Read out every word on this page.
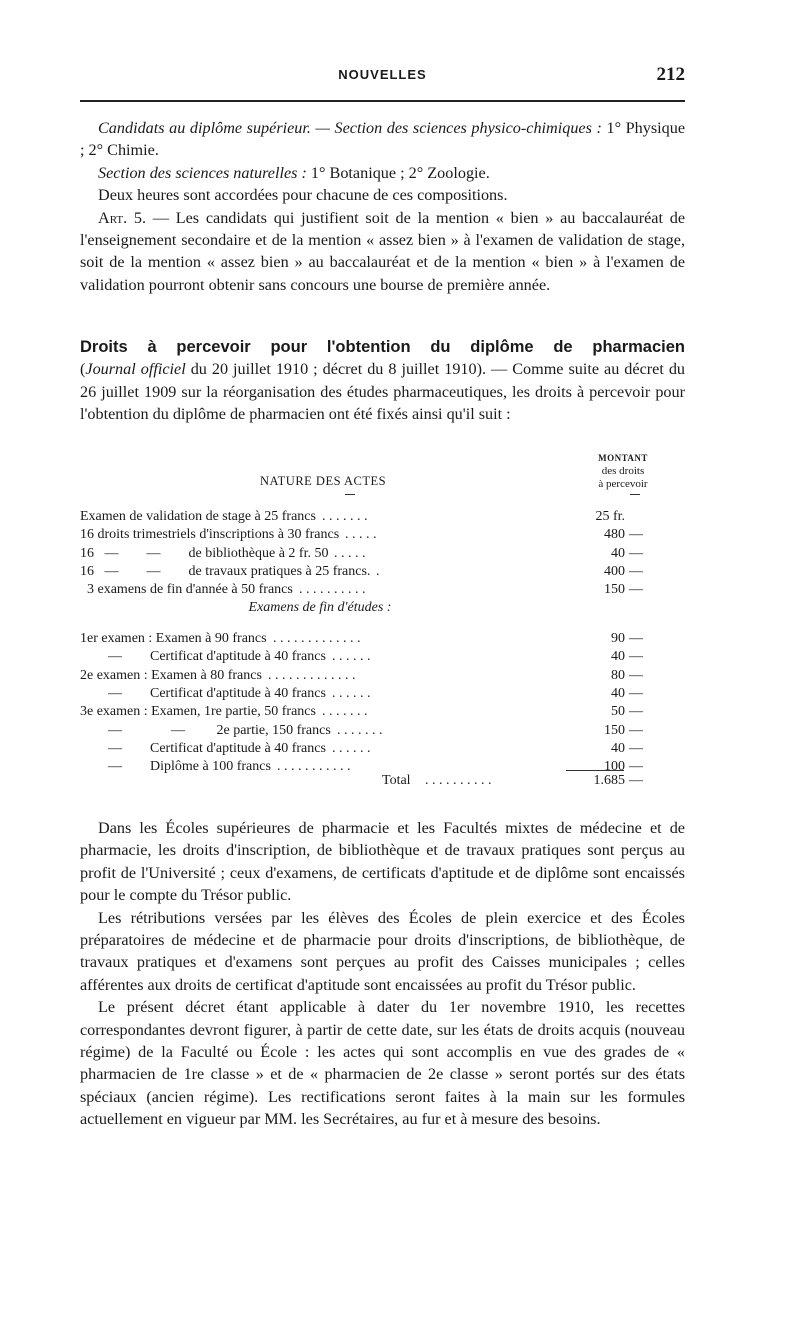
NOUVELLES	212

Candidats au diplôme supérieur. — Section des sciences physico-chimiques : 1° Physique ; 2° Chimie.

Section des sciences naturelles : 1° Botanique ; 2° Zoologie.

Deux heures sont accordées pour chacune de ces compositions.

Art. 5. — Les candidats qui justifient soit de la mention « bien » au baccalauréat de l'enseignement secondaire et de la mention « assez bien » à l'examen de validation de stage, soit de la mention « assez bien » au baccalauréat et de la mention « bien » à l'examen de validation pourront obtenir sans concours une bourse de première année.

Droits à percevoir pour l'obtention du diplôme de pharmacien

(Journal officiel du 20 juillet 1910 ; décret du 8 juillet 1910). — Comme suite au décret du 26 juillet 1909 sur la réorganisation des études pharmaceutiques, les droits à percevoir pour l'obtention du diplôme de pharmacien ont été fixés ainsi qu'il suit :

NATURE DES ACTES
MONTANT
des droits
à percevoir
Examen de validation de stage à 25 francs . . . . . . .	25 fr.
16 droits trimestriels d'inscriptions à 30 francs . . . . .	480 —
16   —        —        de bibliothèque à 2 fr. 50 . . . . .	40 —
16   —        —        de travaux pratiques à 25 francs. .	400 —
3 examens de fin d'année à 50 francs . . . . . . . . . .	150 —
Examens de fin d'études :
1er examen : Examen à 90 francs . . . . . . . . . . . . .	90 —
—        Certificat d'aptitude à 40 francs . . . . . .	40 —
2e examen : Examen à 80 francs . . . . . . . . . . . . .	80 —
—        Certificat d'aptitude à 40 francs . . . . . .	40 —
3e examen : Examen, 1re partie, 50 francs . . . . . . .	50 —
—              —         2e partie, 150 francs . . . . . . .	150 —
—        Certificat d'aptitude à 40 francs . . . . . .	40 —
—        Diplôme à 100 francs . . . . . . . . . . .	100 —
Total . . . . . . . . . .	1.685 —

Dans les Écoles supérieures de pharmacie et les Facultés mixtes de médecine et de pharmacie, les droits d'inscription, de bibliothèque et de travaux pratiques sont perçus au profit de l'Université ; ceux d'examens, de certificats d'aptitude et de diplôme sont encaissés pour le compte du Trésor public.

Les rétributions versées par les élèves des Écoles de plein exercice et des Écoles préparatoires de médecine et de pharmacie pour droits d'inscriptions, de bibliothèque, de travaux pratiques et d'examens sont perçues au profit des Caisses municipales ; celles afférentes aux droits de certificat d'aptitude sont encaissées au profit du Trésor public.

Le présent décret étant applicable à dater du 1er novembre 1910, les recettes correspondantes devront figurer, à partir de cette date, sur les états de droits acquis (nouveau régime) de la Faculté ou École : les actes qui sont accomplis en vue des grades de « pharmacien de 1re classe » et de « pharmacien de 2e classe » seront portés sur des états spéciaux (ancien régime). Les rectifications seront faites à la main sur les formules actuellement en vigueur par MM. les Secrétaires, au fur et à mesure des besoins.
